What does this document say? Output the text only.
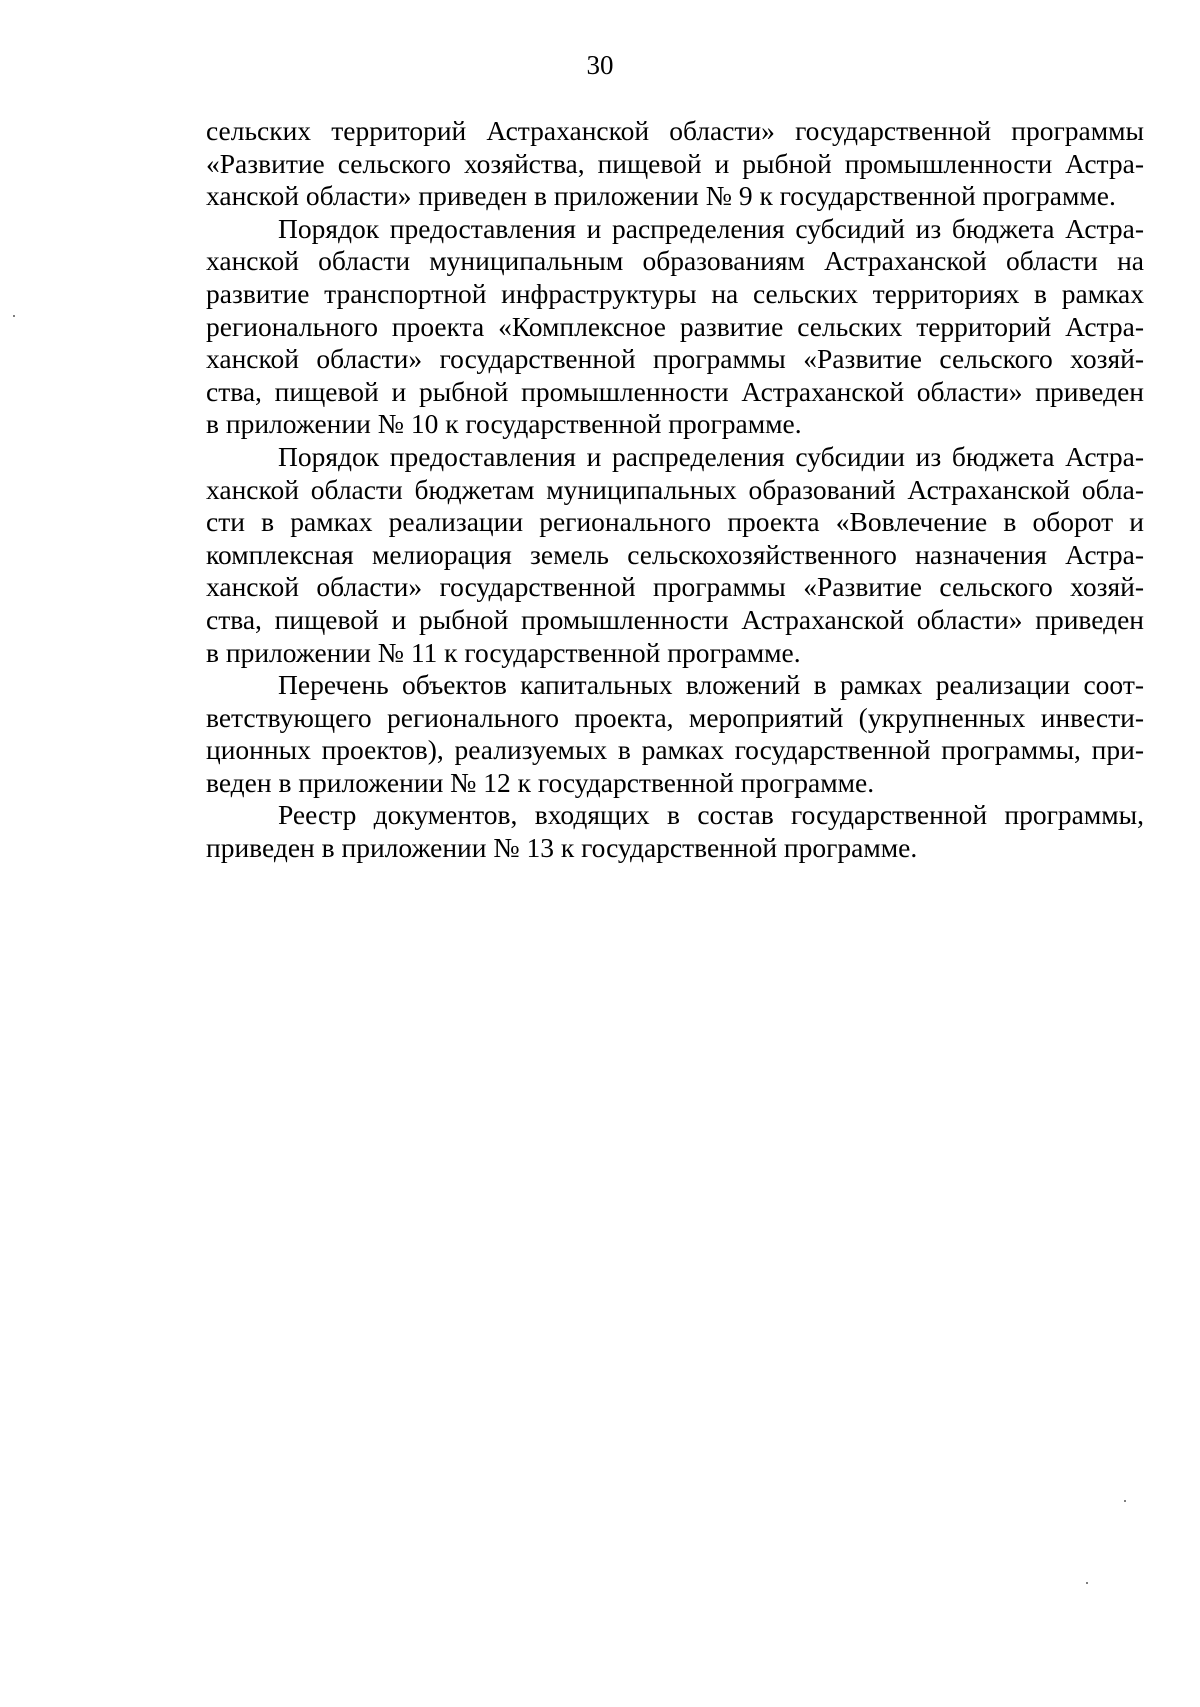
30

сельских территорий Астраханской области» государственной программы
«Развитие сельского хозяйства, пищевой и рыбной промышленности Астра-
ханской области» приведен в приложении № 9 к государственной программе.

Порядок предоставления и распределения субсидий из бюджета Астра-
ханской области муниципальным образованиям Астраханской области на
развитие транспортной инфраструктуры на сельских территориях в рамках
регионального проекта «Комплексное развитие сельских территорий Астра-
ханской области» государственной программы «Развитие сельского хозяй-
ства, пищевой и рыбной промышленности Астраханской области» приведен
в приложении № 10 к государственной программе.

Порядок предоставления и распределения субсидии из бюджета Астра-
ханской области бюджетам муниципальных образований Астраханской обла-
сти в рамках реализации регионального проекта «Вовлечение в оборот и
комплексная мелиорация земель сельскохозяйственного назначения Астра-
ханской области» государственной программы «Развитие сельского хозяй-
ства, пищевой и рыбной промышленности Астраханской области» приведен
в приложении № 11 к государственной программе.

Перечень объектов капитальных вложений в рамках реализации соот-
ветствующего регионального проекта, мероприятий (укрупненных инвести-
ционных проектов), реализуемых в рамках государственной программы, при-
веден в приложении № 12 к государственной программе.

Реестр документов, входящих в состав государственной программы,
приведен в приложении № 13 к государственной программе.
